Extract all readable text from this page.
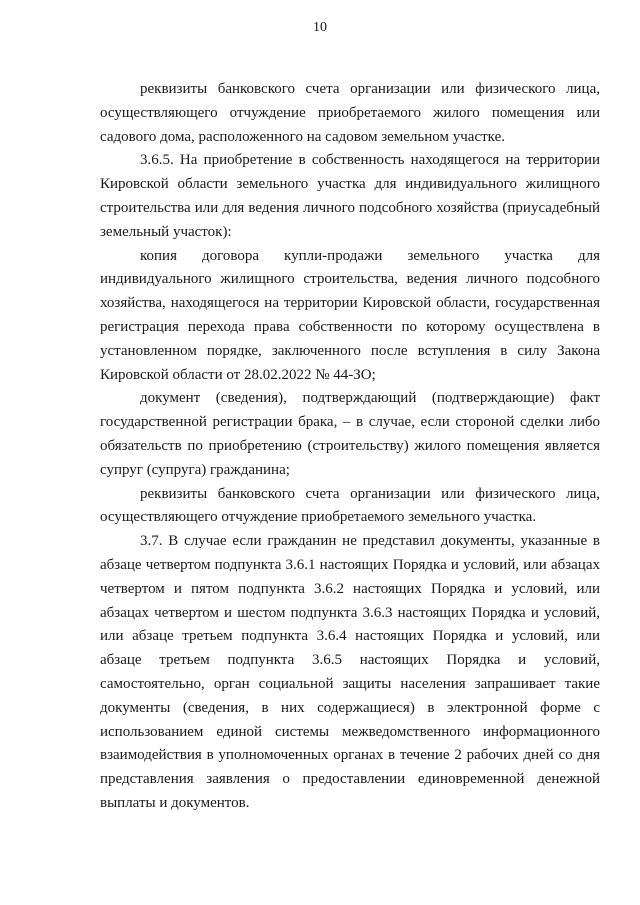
10

реквизиты банковского счета организации или физического лица, осуществляющего отчуждение приобретаемого жилого помещения или садового дома, расположенного на садовом земельном участке.

3.6.5. На приобретение в собственность находящегося на территории Кировской области земельного участка для индивидуального жилищного строительства или для ведения личного подсобного хозяйства (приусадебный земельный участок):

копия договора купли-продажи земельного участка для индивидуального жилищного строительства, ведения личного подсобного хозяйства, находящегося на территории Кировской области, государственная регистрация перехода права собственности по которому осуществлена в установленном порядке, заключенного после вступления в силу Закона Кировской области от 28.02.2022 № 44-ЗО;

документ (сведения), подтверждающий (подтверждающие) факт государственной регистрации брака, – в случае, если стороной сделки либо обязательств по приобретению (строительству) жилого помещения является супруг (супруга) гражданина;

реквизиты банковского счета организации или физического лица, осуществляющего отчуждение приобретаемого земельного участка.

3.7. В случае если гражданин не представил документы, указанные в абзаце четвертом подпункта 3.6.1 настоящих Порядка и условий, или абзацах четвертом и пятом подпункта 3.6.2 настоящих Порядка и условий, или абзацах четвертом и шестом подпункта 3.6.3 настоящих Порядка и условий, или абзаце третьем подпункта 3.6.4 настоящих Порядка и условий, или абзаце третьем подпункта 3.6.5 настоящих Порядка и условий, самостоятельно, орган социальной защиты населения запрашивает такие документы (сведения, в них содержащиеся) в электронной форме с использованием единой системы межведомственного информационного взаимодействия в уполномоченных органах в течение 2 рабочих дней со дня представления заявления о предоставлении единовременной денежной выплаты и документов.
